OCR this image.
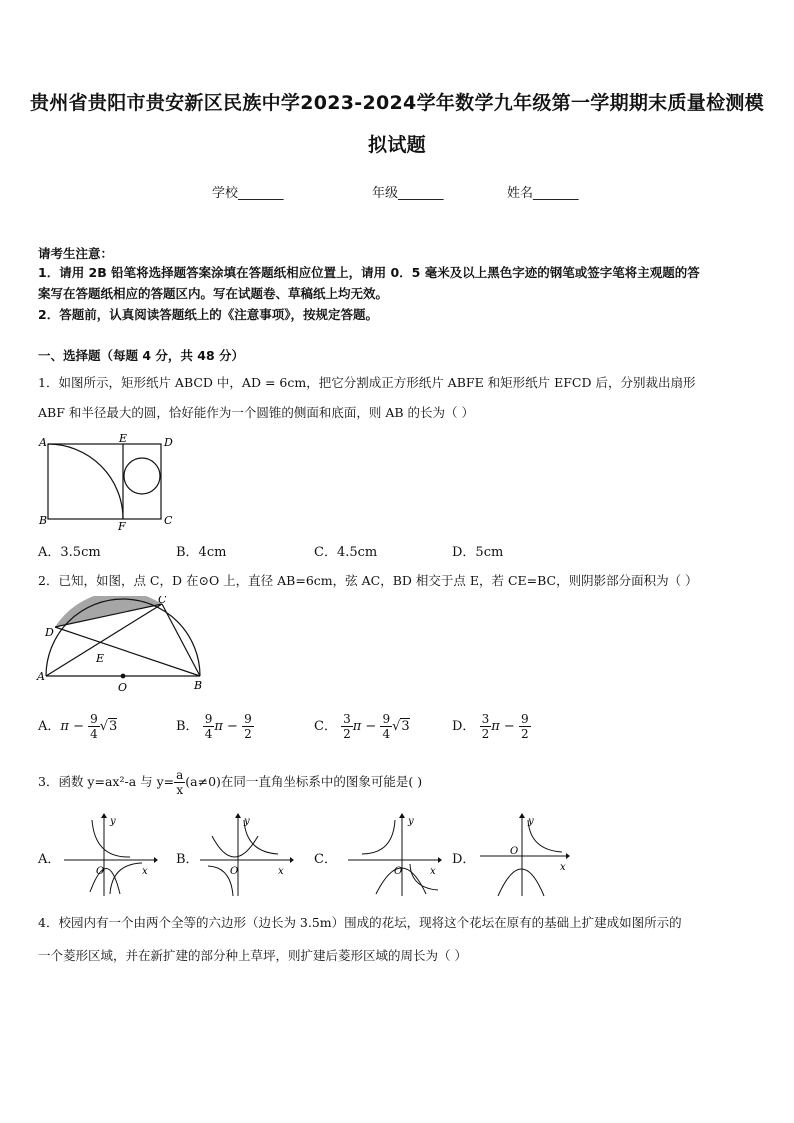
贵州省贵阳市贵安新区民族中学2023-2024学年数学九年级第一学期期末质量检测模
拟试题
学校_______	年级_______	姓名_______
请考生注意：
1．请用 2B 铅笔将选择题答案涂填在答题纸相应位置上，请用 0．5 毫米及以上黑色字迹的钢笔或签字笔将主观题的答
案写在答题纸相应的答题区内。写在试题卷、草稿纸上均无效。
2．答题前，认真阅读答题纸上的《注意事项》，按规定答题。
一、选择题（每题 4 分，共 48 分）
1．如图所示，矩形纸片 ABCD 中，AD = 6cm，把它分割成正方形纸片 ABFE 和矩形纸片 EFCD 后，分别裁出扇形
ABF 和半径最大的圆，恰好能作为一个圆锥的侧面和底面，则 AB 的长为（ ）
A
B	C
D
E
F
A．3.5cm	B．4cm	C．4.5cm	D．5cm
2．已知，如图，点 C，D 在⊙O 上，直径 AB=6cm，弦 AC，BD 相交于点 E，若 CE=BC，则阴影部分面积为（ ）
A
B
C
D
E
O
A．$\pi - \frac{9}{4} √3$	B． $\frac{9}{4}$ $\pi - \frac{9}{2}$	C． $\frac{3}{2}$ $\pi - \frac{9}{4} √3$	D． $\frac{3}{2}$ $\pi - \frac{9}{2}$
3．函数 y=ax²-a 与 $y= \frac{a}{x} (a\ne 0)$在同一直角坐标系中的图象可能是( )
A．	B．	C．	D．
y
O	x
y
O	x
y
O	x
y
O
x
4．校园内有一个由两个全等的六边形（边长为 3.5m）围成的花坛，现将这个花坛在原有的基础上扩建成如图所示的
一个菱形区域，并在新扩建的部分种上草坪，则扩建后菱形区域的周长为（ ）
